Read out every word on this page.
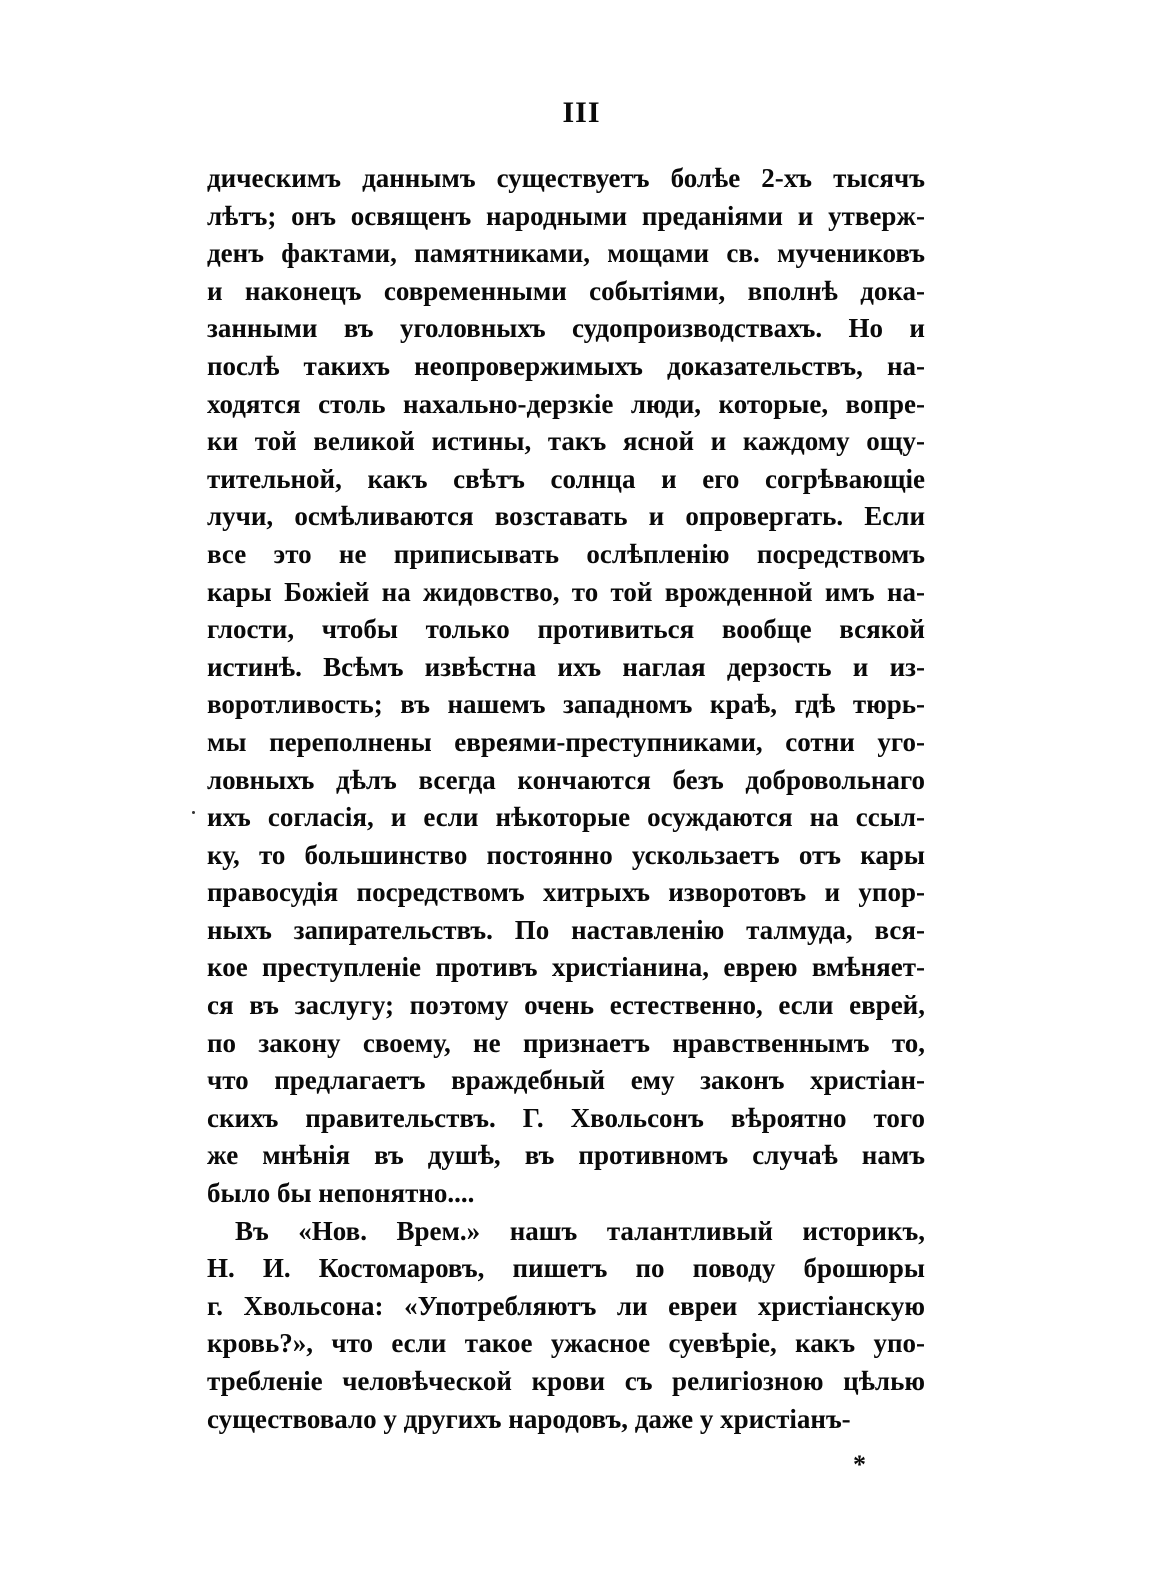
III
дическимъ даннымъ существуетъ болѣе 2-хъ тысячъ
лѣтъ; онъ освященъ народными преданіями и утверж-
денъ фактами, памятниками, мощами св. мучениковъ
и наконецъ современными событіями, вполнѣ дока-
занными въ уголовныхъ судопроизводствахъ. Но и
послѣ такихъ неопровержимыхъ доказательствъ, на-
ходятся столь нахально-дерзкіе люди, которые, вопре-
ки той великой истины, такъ ясной и каждому ощу-
тительной, какъ свѣтъ солнца и его согрѣвающіе
лучи, осмѣливаются возставать и опровергать. Если
все это не приписывать ослѣпленію посредствомъ
кары Божіей на жидовство, то той врожденной имъ на-
глости, чтобы только противиться вообще всякой
истинѣ. Всѣмъ извѣстна ихъ наглая дерзость и из-
воротливость; въ нашемъ западномъ краѣ, гдѣ тюрь-
мы переполнены евреями-преступниками, сотни уго-
ловныхъ дѣлъ всегда кончаются безъ добровольнаго
ихъ согласія, и если нѣкоторые осуждаются на ссыл-
ку, то большинство постоянно ускользаетъ отъ кары
правосудія посредствомъ хитрыхъ изворотовъ и упор-
ныхъ запирательствъ. По наставленію талмуда, вся-
кое преступленіе противъ христіанина, еврею вмѣняет-
ся въ заслугу; поэтому очень естественно, если еврей,
по закону своему, не признаетъ нравственнымъ то,
что предлагаетъ враждебный ему законъ христіан-
скихъ правительствъ. Г. Хвольсонъ вѣроятно того
же мнѣнія въ душѣ, въ противномъ случаѣ намъ
было бы непонятно....
Въ «Нов. Врем.» нашъ талантливый историкъ,
Н. И. Костомаровъ, пишетъ по поводу брошюры
г. Хвольсона: «Употребляютъ ли евреи христіанскую
кровь?», что если такое ужасное суевѣріе, какъ упо-
требленіе человѣческой крови съ религіозною цѣлью
существовало у другихъ народовъ, даже у христіанъ-
*
